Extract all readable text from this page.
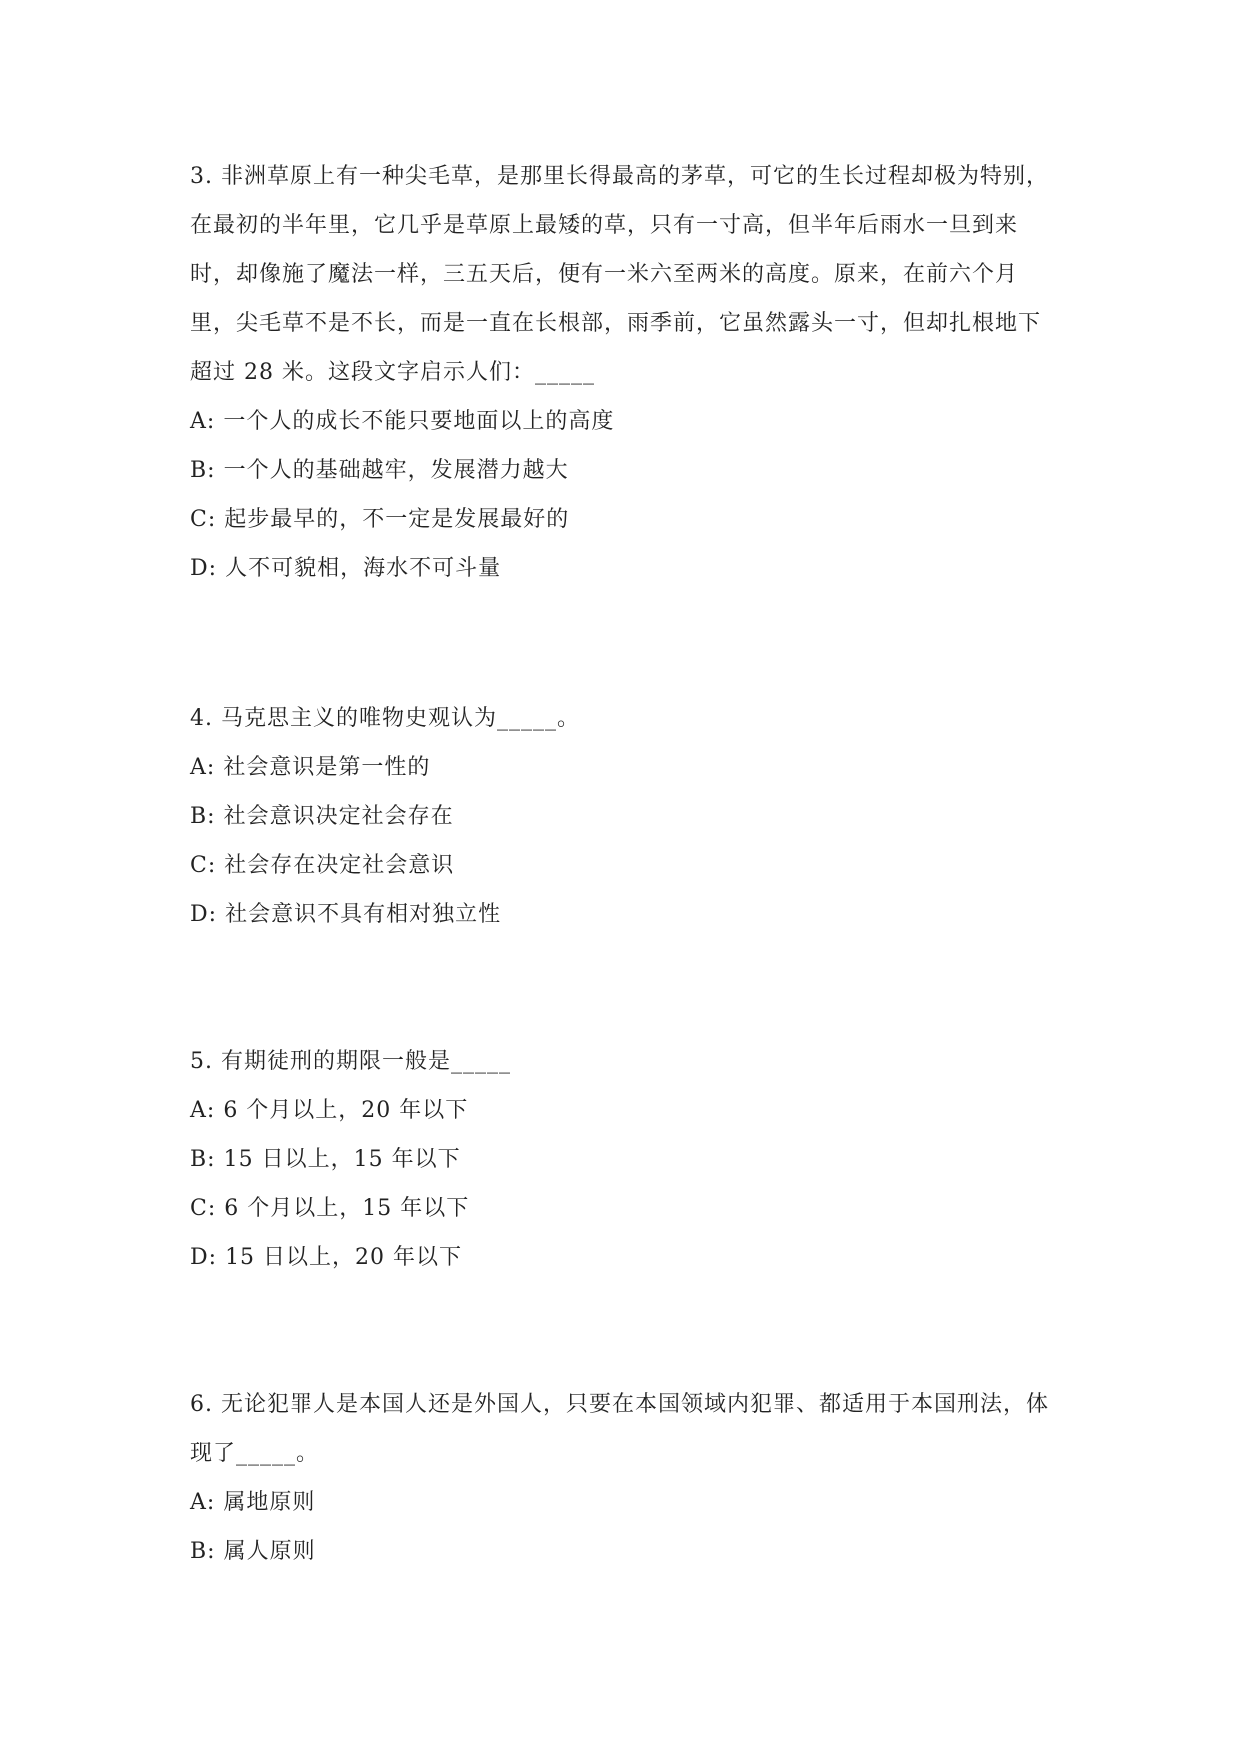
3. 非洲草原上有一种尖毛草，是那里长得最高的茅草，可它的生长过程却极为特别，在最初的半年里，它几乎是草原上最矮的草，只有一寸高，但半年后雨水一旦到来时，却像施了魔法一样，三五天后，便有一米六至两米的高度。原来，在前六个月里，尖毛草不是不长，而是一直在长根部，雨季前，它虽然露头一寸，但却扎根地下超过 28 米。这段文字启示人们：_____

A: 一个人的成长不能只要地面以上的高度

B: 一个人的基础越牢，发展潜力越大

C: 起步最早的，不一定是发展最好的

D: 人不可貌相，海水不可斗量

4. 马克思主义的唯物史观认为_____。

A: 社会意识是第一性的

B: 社会意识决定社会存在

C: 社会存在决定社会意识

D: 社会意识不具有相对独立性

5. 有期徒刑的期限一般是_____

A: 6 个月以上，20 年以下

B: 15 日以上，15 年以下

C: 6 个月以上，15 年以下

D: 15 日以上，20 年以下

6. 无论犯罪人是本国人还是外国人，只要在本国领域内犯罪、都适用于本国刑法，体现了_____。

A: 属地原则

B: 属人原则
